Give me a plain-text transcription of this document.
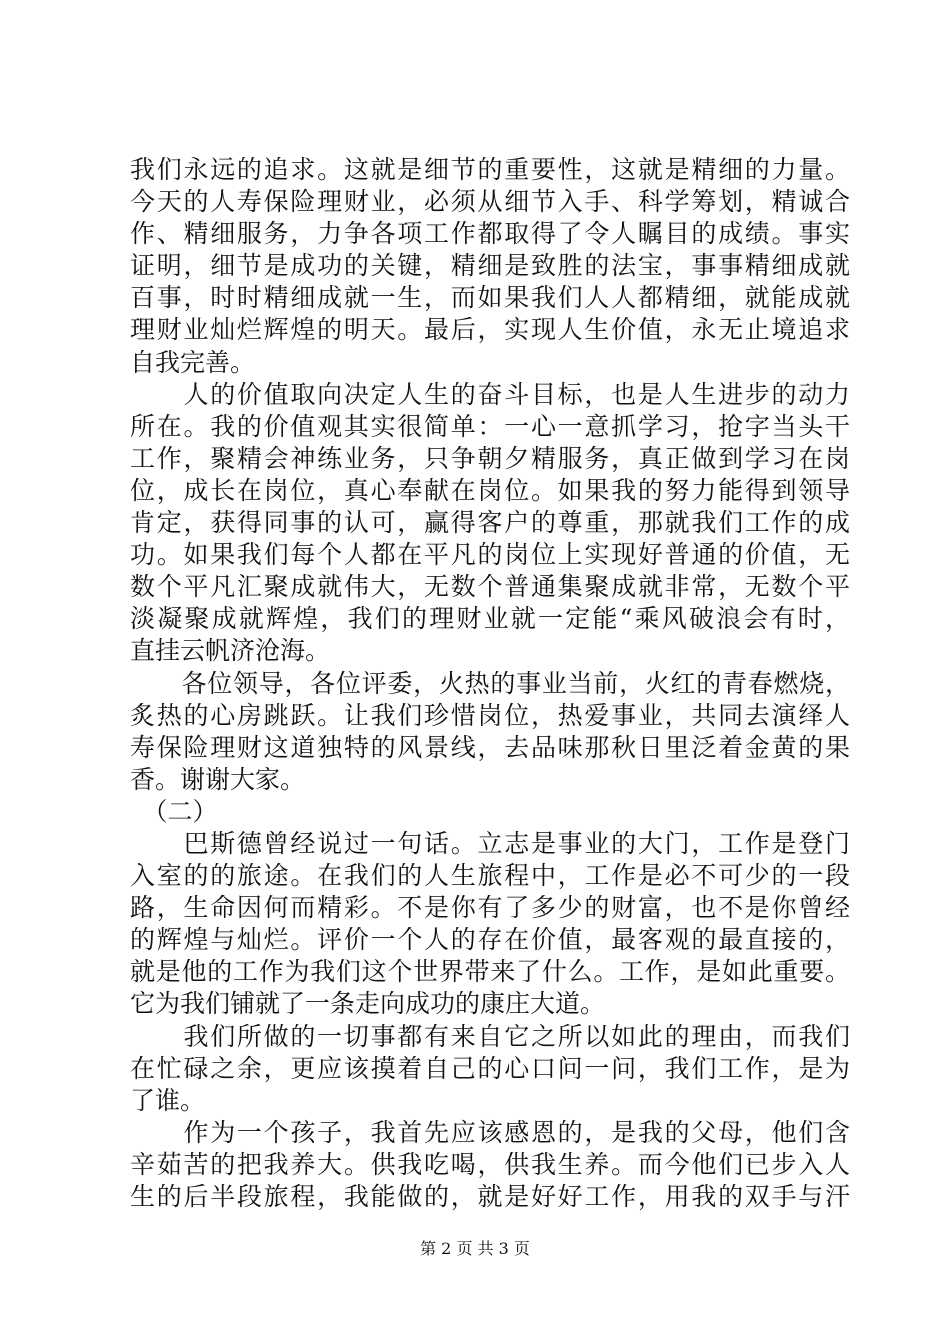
我们永远的追求。这就是细节的重要性，这就是精细的力量。
今天的人寿保险理财业，必须从细节入手、科学筹划，精诚合
作、精细服务，力争各项工作都取得了令人瞩目的成绩。事实
证明，细节是成功的关键，精细是致胜的法宝，事事精细成就
百事，时时精细成就一生，而如果我们人人都精细，就能成就
理财业灿烂辉煌的明天。最后，实现人生价值，永无止境追求
自我完善。
　　人的价值取向决定人生的奋斗目标，也是人生进步的动力
所在。我的价值观其实很简单：一心一意抓学习，抢字当头干
工作，聚精会神练业务，只争朝夕精服务，真正做到学习在岗
位，成长在岗位，真心奉献在岗位。如果我的努力能得到领导
肯定，获得同事的认可，赢得客户的尊重，那就我们工作的成
功。如果我们每个人都在平凡的岗位上实现好普通的价值，无
数个平凡汇聚成就伟大，无数个普通集聚成就非常，无数个平
淡凝聚成就辉煌，我们的理财业就一定能“乘风破浪会有时，
直挂云帆济沧海。
　　各位领导，各位评委，火热的事业当前，火红的青春燃烧，
炙热的心房跳跃。让我们珍惜岗位，热爱事业，共同去演绎人
寿保险理财这道独特的风景线，去品味那秋日里泛着金黄的果
香。谢谢大家。
　（二）
　　巴斯德曾经说过一句话。立志是事业的大门，工作是登门
入室的的旅途。在我们的人生旅程中，工作是必不可少的一段
路，生命因何而精彩。不是你有了多少的财富，也不是你曾经
的辉煌与灿烂。评价一个人的存在价值，最客观的最直接的，
就是他的工作为我们这个世界带来了什么。工作，是如此重要。
它为我们铺就了一条走向成功的康庄大道。
　　我们所做的一切事都有来自它之所以如此的理由，而我们
在忙碌之余，更应该摸着自己的心口问一问，我们工作，是为
了谁。
　　作为一个孩子，我首先应该感恩的，是我的父母，他们含
辛茹苦的把我养大。供我吃喝，供我生养。而今他们已步入人
生的后半段旅程，我能做的，就是好好工作，用我的双手与汗
第 2 页 共 3 页
